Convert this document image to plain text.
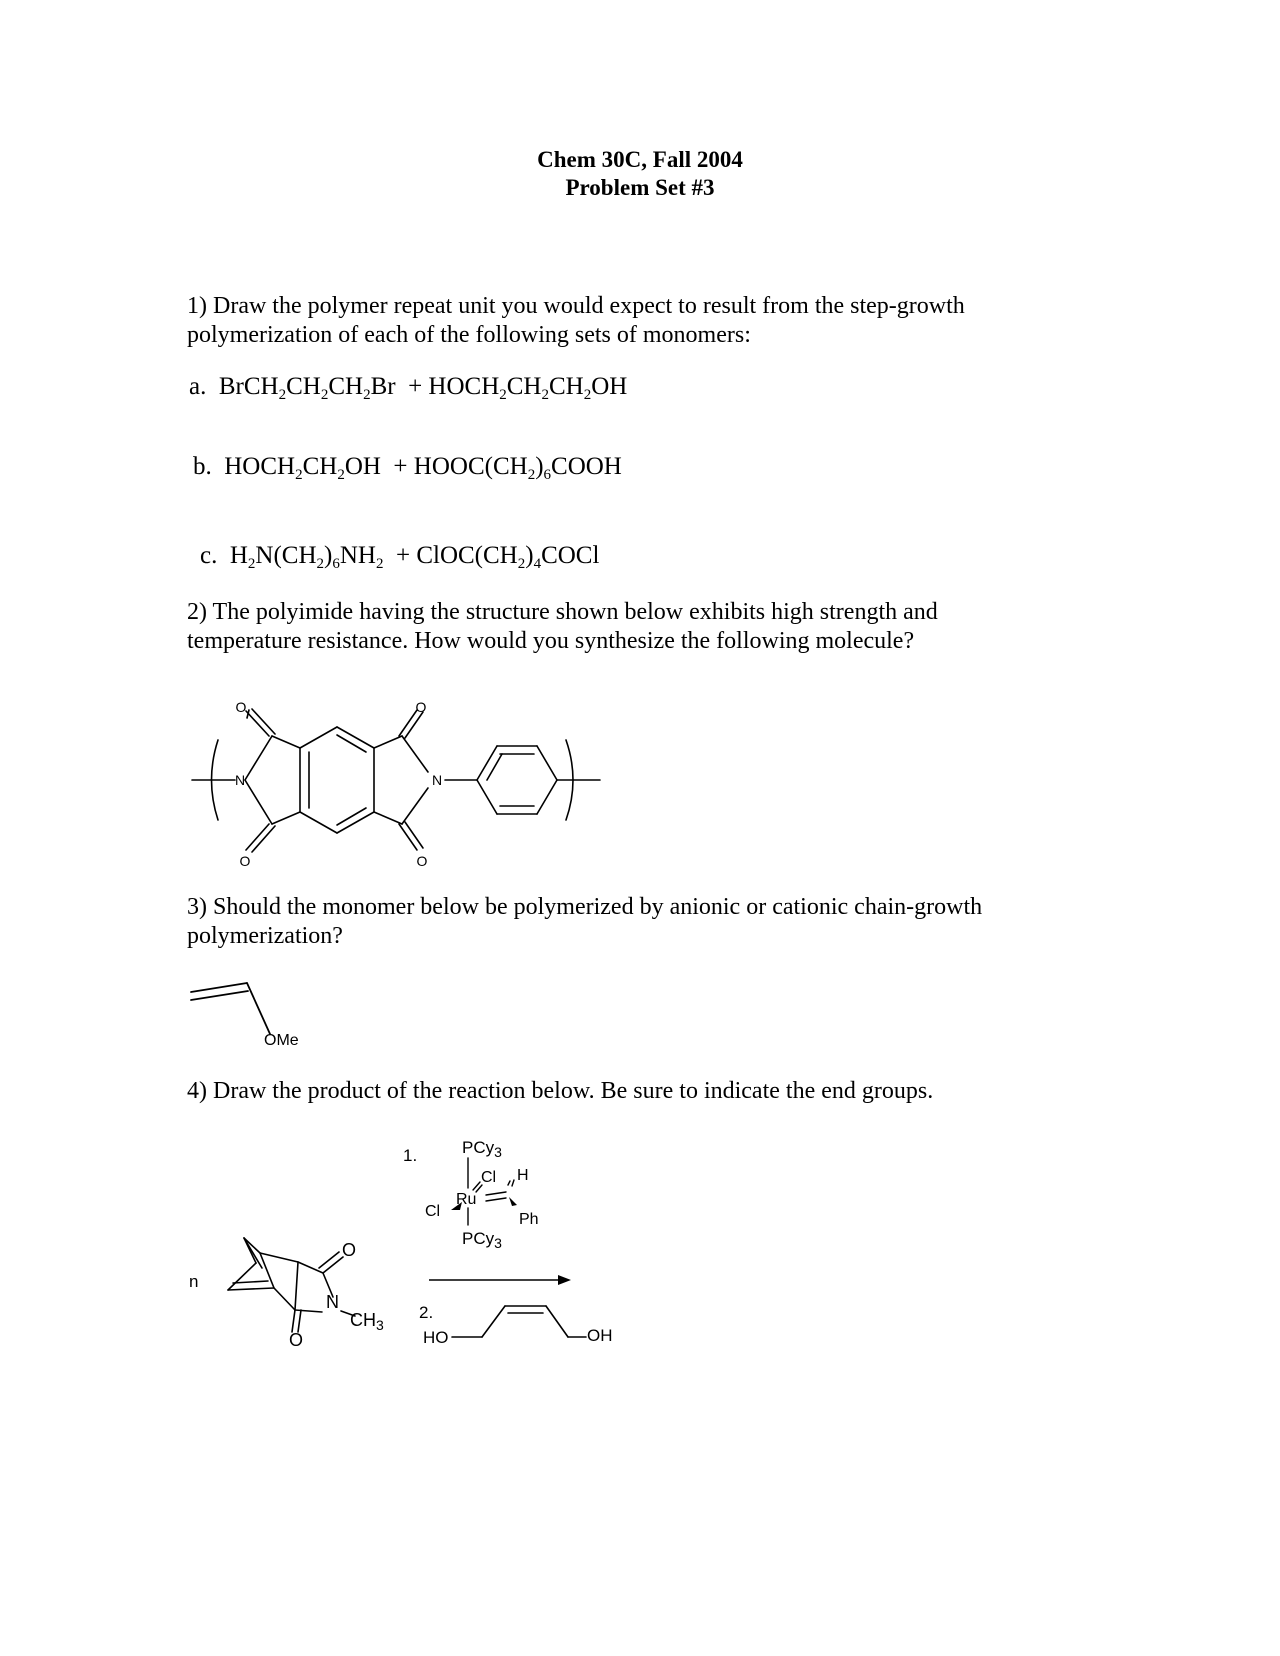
Chem 30C, Fall 2004
Problem Set #3
1) Draw the polymer repeat unit you would expect to result from the step-growth
polymerization of each of the following sets of monomers:
a. $BrCH_2CH_2CH_2Br$  + $HOCH_2CH_2CH_2OH$
b. $HOCH_2CH_2OH$  + $HOOC(CH_2)_6COOH$
c. $H_2N(CH_2)_6NH_2$  + $ClOC(CH_2)_4COCl$
2) The polyimide having the structure shown below exhibits high strength and
temperature resistance. How would you synthesize the following molecule?
O	O
O	O
N	N
3) Should the monomer below be polymerized by anionic or cationic chain-growth
polymerization?
OMe
4) Draw the product of the reaction below. Be sure to indicate the end groups.
n
O
O
N
$CH_3$
1.
2.
PCy$_3$
Cl H
Ru
Cl	Ph
PCy$_3$
HO	OH
